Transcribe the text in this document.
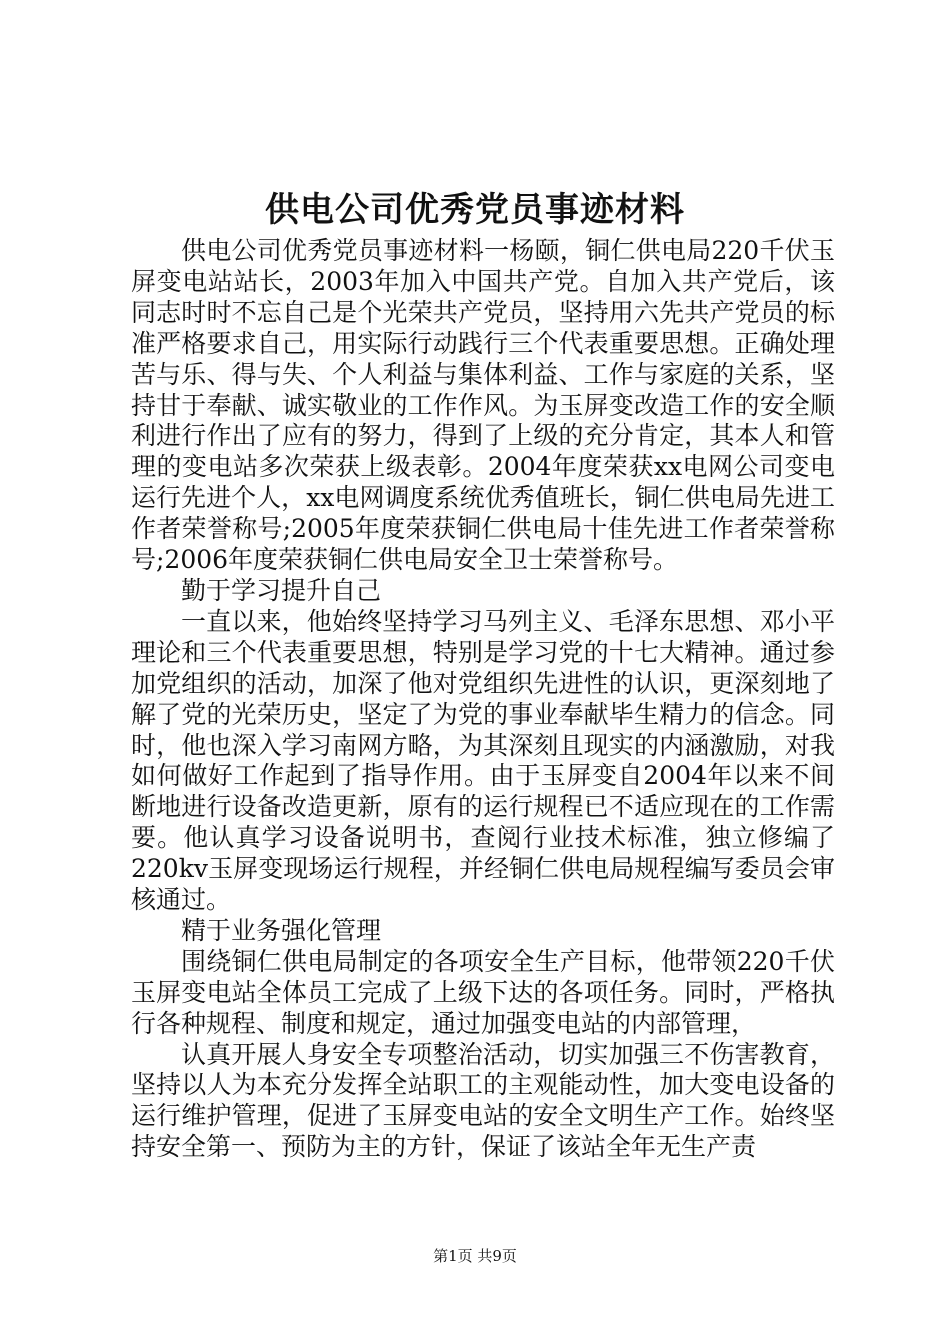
供电公司优秀党员事迹材料

供电公司优秀党员事迹材料一杨颐，铜仁供电局220千伏玉屏变电站站长，2003年加入中国共产党。自加入共产党后，该同志时时不忘自己是个光荣共产党员，坚持用六先共产党员的标准严格要求自己，用实际行动践行三个代表重要思想。正确处理苦与乐、得与失、个人利益与集体利益、工作与家庭的关系，坚持甘于奉献、诚实敬业的工作作风。为玉屏变改造工作的安全顺利进行作出了应有的努力，得到了上级的充分肯定，其本人和管理的变电站多次荣获上级表彰。2004年度荣获xx电网公司变电运行先进个人，xx电网调度系统优秀值班长，铜仁供电局先进工作者荣誉称号;2005年度荣获铜仁供电局十佳先进工作者荣誉称号;2006年度荣获铜仁供电局安全卫士荣誉称号。

勤于学习提升自己

一直以来，他始终坚持学习马列主义、毛泽东思想、邓小平理论和三个代表重要思想，特别是学习党的十七大精神。通过参加党组织的活动，加深了他对党组织先进性的认识，更深刻地了解了党的光荣历史，坚定了为党的事业奉献毕生精力的信念。同时，他也深入学习南网方略，为其深刻且现实的内涵激励，对我如何做好工作起到了指导作用。由于玉屏变自2004年以来不间断地进行设备改造更新，原有的运行规程已不适应现在的工作需要。他认真学习设备说明书，查阅行业技术标准，独立修编了220kv玉屏变现场运行规程，并经铜仁供电局规程编写委员会审核通过。

精于业务强化管理

围绕铜仁供电局制定的各项安全生产目标，他带领220千伏玉屏变电站全体员工完成了上级下达的各项任务。同时，严格执行各种规程、制度和规定，通过加强变电站的内部管理，

认真开展人身安全专项整治活动，切实加强三不伤害教育，坚持以人为本充分发挥全站职工的主观能动性，加大变电设备的运行维护管理，促进了玉屏变电站的安全文明生产工作。始终坚持安全第一、预防为主的方针，保证了该站全年无生产责

第1页 共9页
